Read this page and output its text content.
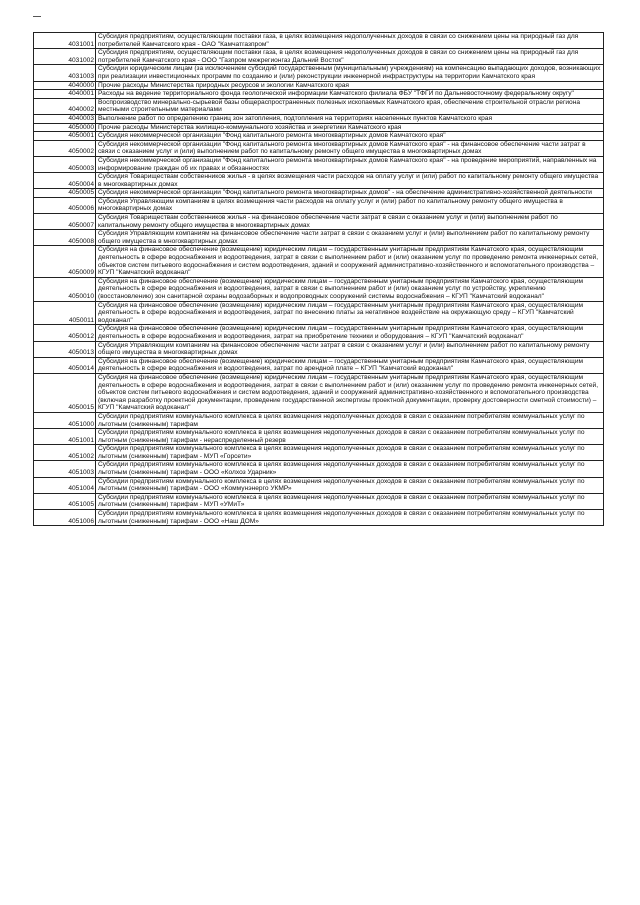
4031001	Субсидия предприятиям, осуществляющим поставки газа, в целях возмещения недополученных доходов в связи со снижением цены на природный газ для потребителей Камчатского края - ОАО "Камчатгазпром"
4031002	Субсидия предприятиям, осуществляющим поставки газа, в целях возмещения недополученных доходов в связи со снижением цены на природный газ для потребителей Камчатского края - ООО "Газпром межрегионгаз Дальний Восток"
4031003	Субсидии юридическим лицам (за исключением субсидий государственным (муниципальным) учреждениям) на компенсацию выпадающих доходов, возникающих при реализации инвестиционных программ по созданию и (или) реконструкции инженерной инфраструктуры на территории Камчатского края
4040000	Прочие расходы Министерства природных ресурсов и экологии Камчатского края
4040001	Расходы на ведение территориального фонда геологической информации Камчатского филиала ФБУ "ТФГИ по Дальневосточному федеральному округу"
4040002	Воспроизводство минерально-сырьевой базы общераспространенных полезных ископаемых Камчатского края, обеспечение строительной отрасли региона местными строительными материалами
4040003	Выполнение работ по определению границ зон затопления, подтопления на территориях населенных пунктов Камчатского края
4050000	Прочие расходы Министерства жилищно-коммунального хозяйства и энергетики Камчатского края
4050001	Субсидия некоммерческой организации "Фонд капитального ремонта многоквартирных домов Камчатского края"
4050002	Субсидия некоммерческой организации "Фонд капитального ремонта многоквартирных домов Камчатского края" - на финансовое обеспечение части затрат в связи с оказанием услуг и (или) выполнением работ по капитальному ремонту общего имущества в многоквартирных домах
4050003	Субсидия некоммерческой организации "Фонд капитального ремонта многоквартирных домов Камчатского края" - на проведение мероприятий, направленных на информирование граждан об их правах и обязанностях
4050004	Субсидия Товариществам собственников жилья - в целях возмещения части расходов на оплату услуг и (или) работ по капитальному ремонту общего имущества в многоквартирных домах
4050005	Субсидия некоммерческой организации "Фонд капитального ремонта многоквартирных домов" - на обеспечение административно-хозяйственной деятельности
4050006	Субсидия Управляющим компаниям в целях возмещения части расходов на оплату услуг и (или) работ по капитальному ремонту общего имущества в многоквартирных домах
4050007	Субсидия Товариществам собственников жилья - на финансовое обеспечение части затрат в связи с оказанием услуг и (или) выполнением работ по капитальному ремонту общего имущества в многоквартирных домах
4050008	Субсидия Управляющим компаниям на финансовое обеспечение части затрат в связи с оказанием услуг и (или) выполнением работ по капитальному ремонту общего имущества в многоквартирных домах
4050009	Субсидия на финансовое обеспечение (возмещение) юридическим лицам – государственным унитарным предприятиям Камчатского края, осуществляющим деятельность в сфере водоснабжения и водоотведения, затрат в связи с выполнением работ и (или) оказанием услуг по проведению ремонта инженерных сетей, объектов систем питьевого водоснабжения и систем водоотведения, зданий и сооружений административно-хозяйственного и вспомогательного производства – КГУП "Камчатский водоканал"
4050010	Субсидия на финансовое обеспечение (возмещение) юридическим лицам – государственным унитарным предприятиям Камчатского края, осуществляющим деятельность в сфере водоснабжения и водоотведения, затрат в связи с выполнением работ и (или) оказанием услуг по устройству, укреплению (восстановлению) зон санитарной охраны водозаборных и водопроводных сооружений системы водоснабжения – КГУП "Камчатский водоканал"
4050011	Субсидия на финансовое обеспечение (возмещение) юридическим лицам – государственным унитарным предприятиям Камчатского края, осуществляющим деятельность в сфере водоснабжения и водоотведения, затрат по внесению платы за негативное воздействие на окружающую среду – КГУП "Камчатский водоканал"
4050012	Субсидия на финансовое обеспечение (возмещение) юридическим лицам – государственным унитарным предприятиям Камчатского края, осуществляющим деятельность в сфере водоснабжения и водоотведения, затрат на приобретение техники и оборудования – КГУП "Камчатский водоканал"
4050013	Субсидия Управляющим компаниям на финансовое обеспечение части затрат в связи с оказанием услуг и (или) выполнением работ по капитальному ремонту общего имущества в многоквартирных домах
4050014	Субсидия на финансовое обеспечение (возмещение) юридическим лицам – государственным унитарным предприятиям Камчатского края, осуществляющим деятельность в сфере водоснабжения и водоотведения, затрат по арендной плате – КГУП "Камчатский водоканал"
4050015	Субсидия на финансовое обеспечение (возмещение) юридическим лицам – государственным унитарным предприятиям Камчатского края, осуществляющим деятельность в сфере водоснабжения и водоотведения, затрат в связи с выполнением работ и (или) оказанием услуг по проведению ремонта инженерных сетей, объектов систем питьевого водоснабжения и систем водоотведения, зданий и сооружений административно-хозяйственного и вспомогательного производства (включая разработку проектной документации, проведение государственной экспертизы проектной документации, проверку достоверности сметной стоимости) – КГУП "Камчатский водоканал"
4051000	Субсидии предприятиям коммунального комплекса в целях возмещения недополученных доходов в связи с оказанием потребителям коммунальных услуг по льготным (сниженным) тарифам
4051001	Субсидии предприятиям коммунального комплекса в целях возмещения недополученных доходов в связи с оказанием потребителям коммунальных услуг по льготным (сниженным) тарифам - нераспределенный резерв
4051002	Субсидии предприятиям коммунального комплекса в целях возмещения недополученных доходов в связи с оказанием потребителям коммунальных услуг по льготным (сниженным) тарифам - МУП «Горсети»
4051003	Субсидии предприятиям коммунального комплекса в целях возмещения недополученных доходов в связи с оказанием потребителям коммунальных услуг по льготным (сниженным) тарифам - ООО «Колхоз Ударник»
4051004	Субсидии предприятиям коммунального комплекса в целях возмещения недополученных доходов в связи с оказанием потребителям коммунальных услуг по льготным (сниженным) тарифам - ООО «Коммунэнерго УКМР»
4051005	Субсидии предприятиям коммунального комплекса в целях возмещения недополученных доходов в связи с оказанием потребителям коммунальных услуг по льготным (сниженным) тарифам - МУП «УМиТ»
4051006	Субсидии предприятиям коммунального комплекса в целях возмещения недополученных доходов в связи с оказанием потребителям коммунальных услуг по льготным (сниженным) тарифам - ООО «Наш ДОМ»
